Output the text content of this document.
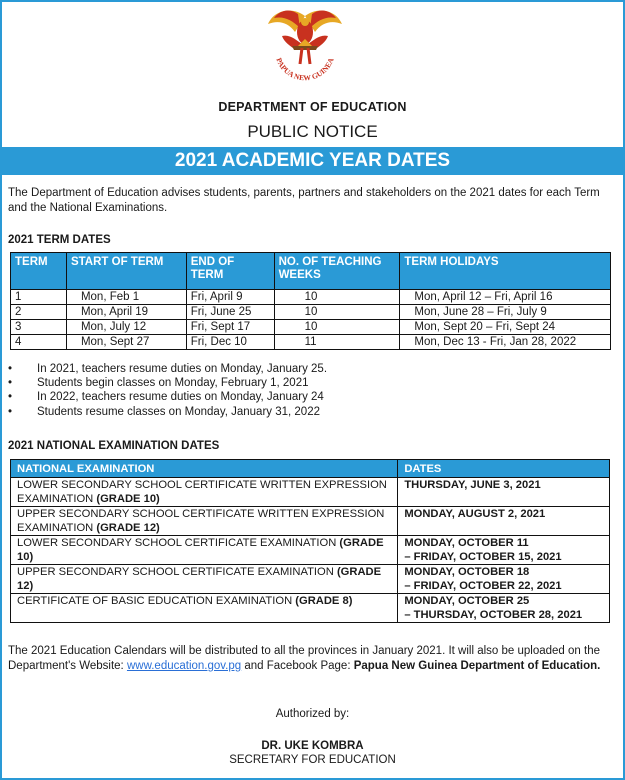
PAPUA NEW GUINEA
DEPARTMENT OF EDUCATION
PUBLIC NOTICE
2021 ACADEMIC YEAR DATES
The Department of Education advises students, parents, partners and stakeholders on the 2021 dates for each Term and the National Examinations.
2021 TERM DATES
TERM	START OF TERM	END OF TERM	NO. OF TEACHING WEEKS	TERM HOLIDAYS
1	Mon, Feb 1	Fri, April 9	10	Mon, April 12 – Fri, April 16
2	Mon, April 19	Fri, June 25	10	Mon, June 28 – Fri, July 9
3	Mon, July 12	Fri, Sept 17	10	Mon, Sept 20 – Fri, Sept 24
4	Mon, Sept 27	Fri, Dec 10	11	Mon, Dec 13 - Fri, Jan 28, 2022
• In 2021, teachers resume duties on Monday, January 25.
• Students begin classes on Monday, February 1, 2021
• In 2022, teachers resume duties on Monday, January 24
• Students resume classes on Monday, January 31, 2022
2021 NATIONAL EXAMINATION DATES
NATIONAL EXAMINATION	DATES
LOWER SECONDARY SCHOOL CERTIFICATE WRITTEN EXPRESSION EXAMINATION (GRADE 10)	THURSDAY, JUNE 3, 2021

UPPER SECONDARY SCHOOL CERTIFICATE WRITTEN EXPRESSION EXAMINATION (GRADE 12)	MONDAY, AUGUST 2, 2021

LOWER SECONDARY SCHOOL CERTIFICATE EXAMINATION (GRADE 10)	MONDAY, OCTOBER 11
– FRIDAY, OCTOBER 15, 2021

UPPER SECONDARY SCHOOL CERTIFICATE EXAMINATION (GRADE 12)	MONDAY, OCTOBER 18
– FRIDAY, OCTOBER 22, 2021

CERTIFICATE OF BASIC EDUCATION EXAMINATION (GRADE 8)	MONDAY, OCTOBER 25
– THURSDAY, OCTOBER 28, 2021
The 2021 Education Calendars will be distributed to all the provinces in January 2021. It will also be uploaded on the Department's Website: www.education.gov.pg and Facebook Page: Papua New Guinea Department of Education.
Authorized by:
DR. UKE KOMBRA
SECRETARY FOR EDUCATION
